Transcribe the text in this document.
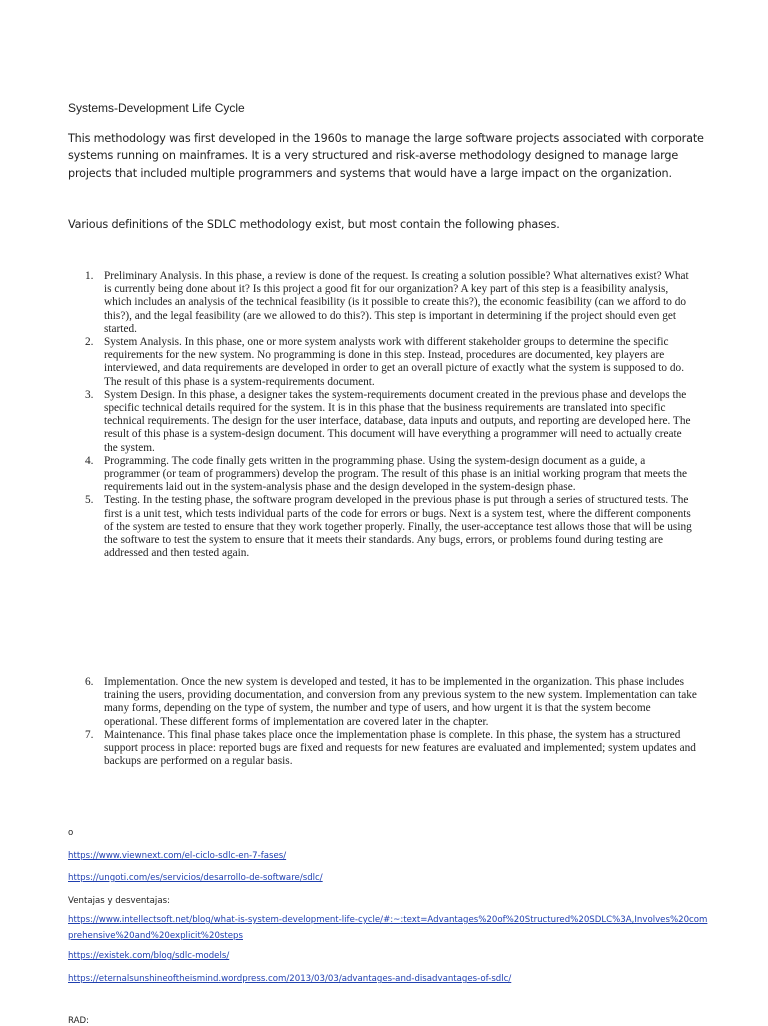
Systems-Development Life Cycle
This methodology was first developed in the 1960s to manage the large software projects associated with corporate systems running on mainframes. It is a very structured and risk-averse methodology designed to manage large projects that included multiple programmers and systems that would have a large impact on the organization.
Various definitions of the SDLC methodology exist, but most contain the following phases.
1. Preliminary Analysis. In this phase, a review is done of the request. Is creating a solution possible? What alternatives exist? What is currently being done about it? Is this project a good fit for our organization? A key part of this step is a feasibility analysis, which includes an analysis of the technical feasibility (is it possible to create this?), the economic feasibility (can we afford to do this?), and the legal feasibility (are we allowed to do this?). This step is important in determining if the project should even get started.
2. System Analysis. In this phase, one or more system analysts work with different stakeholder groups to determine the specific requirements for the new system. No programming is done in this step. Instead, procedures are documented, key players are interviewed, and data requirements are developed in order to get an overall picture of exactly what the system is supposed to do. The result of this phase is a system-requirements document.
3. System Design. In this phase, a designer takes the system-requirements document created in the previous phase and develops the specific technical details required for the system. It is in this phase that the business requirements are translated into specific technical requirements. The design for the user interface, database, data inputs and outputs, and reporting are developed here. The result of this phase is a system-design document. This document will have everything a programmer will need to actually create the system.
4. Programming. The code finally gets written in the programming phase. Using the system-design document as a guide, a programmer (or team of programmers) develop the program. The result of this phase is an initial working program that meets the requirements laid out in the system-analysis phase and the design developed in the system-design phase.
5. Testing. In the testing phase, the software program developed in the previous phase is put through a series of structured tests. The first is a unit test, which tests individual parts of the code for errors or bugs. Next is a system test, where the different components of the system are tested to ensure that they work together properly. Finally, the user-acceptance test allows those that will be using the software to test the system to ensure that it meets their standards. Any bugs, errors, or problems found during testing are addressed and then tested again.
6. Implementation. Once the new system is developed and tested, it has to be implemented in the organization. This phase includes training the users, providing documentation, and conversion from any previous system to the new system. Implementation can take many forms, depending on the type of system, the number and type of users, and how urgent it is that the system become operational. These different forms of implementation are covered later in the chapter.
7. Maintenance. This final phase takes place once the implementation phase is complete. In this phase, the system has a structured support process in place: reported bugs are fixed and requests for new features are evaluated and implemented; system updates and backups are performed on a regular basis.
o
https://www.viewnext.com/el-ciclo-sdlc-en-7-fases/
https://ungoti.com/es/servicios/desarrollo-de-software/sdlc/
Ventajas y desventajas:
https://www.intellectsoft.net/blog/what-is-system-development-life-cycle/#:~:text=Advantages%20of%20Structured%20SDLC%3A,Involves%20comprehensive%20and%20explicit%20steps
https://existek.com/blog/sdlc-models/
https://eternalsunshineoftheismind.wordpress.com/2013/03/03/advantages-and-disadvantages-of-sdlc/
RAD:
